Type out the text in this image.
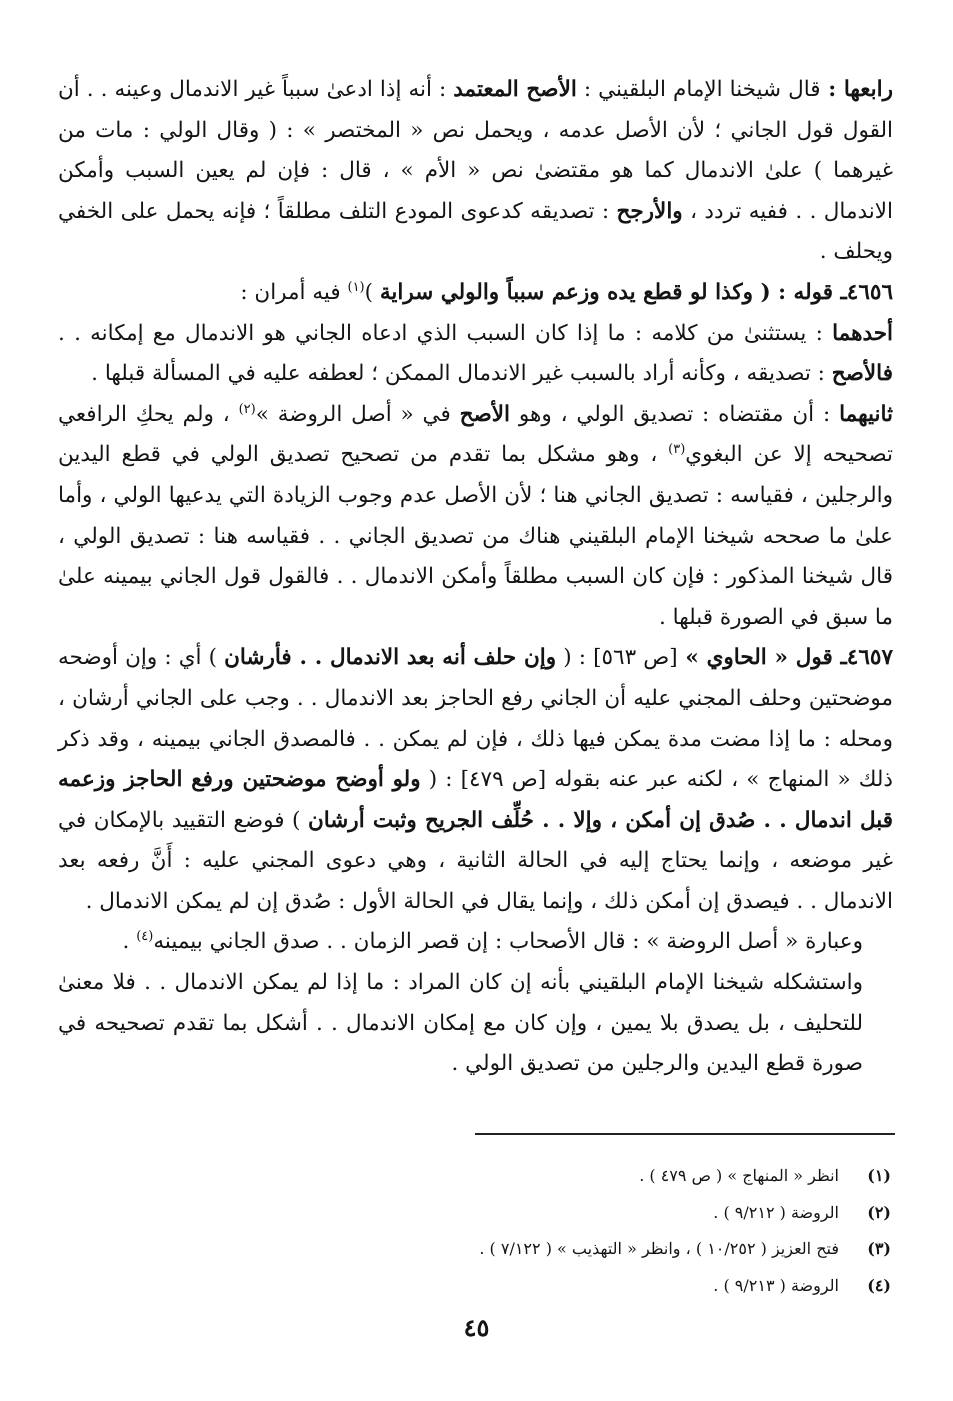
رابعها : قال شيخنا الإمام البلقيني : الأصح المعتمد : أنه إذا ادعىٰ سبباً غير الاندمال وعينه . . أن القول قول الجاني ؛ لأن الأصل عدمه ، ويحمل نص « المختصر » : ( وقال الولي : مات من غيرهما ) علىٰ الاندمال كما هو مقتضىٰ نص « الأم » ، قال : فإن لم يعين السبب وأمكن الاندمال . . ففيه تردد ، والأرجح : تصديقه كدعوى المودع التلف مطلقاً ؛ فإنه يحمل على الخفي ويحلف .

٤٦٥٦ـ قوله : ( وكذا لو قطع يده وزعم سبباً والولي سراية )$^{(١)}$ فيه أمران :

أحدهما : يستثنىٰ من كلامه : ما إذا كان السبب الذي ادعاه الجاني هو الاندمال مع إمكانه . . فالأصح : تصديقه ، وكأنه أراد بالسبب غير الاندمال الممكن ؛ لعطفه عليه في المسألة قبلها .

ثانيهما : أن مقتضاه : تصديق الولي ، وهو الأصح في « أصل الروضة »$^{(٢)}$ ، ولم يحكِ الرافعي تصحيحه إلا عن البغوي$^{(٣)}$ ، وهو مشكل بما تقدم من تصحيح تصديق الولي في قطع اليدين والرجلين ، فقياسه : تصديق الجاني هنا ؛ لأن الأصل عدم وجوب الزيادة التي يدعيها الولي ، وأما علىٰ ما صححه شيخنا الإمام البلقيني هناك من تصديق الجاني . . فقياسه هنا : تصديق الولي ، قال شيخنا المذكور : فإن كان السبب مطلقاً وأمكن الاندمال . . فالقول قول الجاني بيمينه علىٰ ما سبق في الصورة قبلها .

٤٦٥٧ـ قول « الحاوي » [ص ٥٦٣] : ( وإن حلف أنه بعد الاندمال . . فأرشان ) أي : وإن أوضحه موضحتين وحلف المجني عليه أن الجاني رفع الحاجز بعد الاندمال . . وجب على الجاني أرشان ، ومحله : ما إذا مضت مدة يمكن فيها ذلك ، فإن لم يمكن . . فالمصدق الجاني بيمينه ، وقد ذكر ذلك « المنهاج » ، لكنه عبر عنه بقوله [ص ٤٧٩] : ( ولو أوضح موضحتين ورفع الحاجز وزعمه قبل اندمال . . صُدق إن أمكن ، وإلا . . حُلِّف الجريح وثبت أرشان ) فوضع التقييد بالإمكان في غير موضعه ، وإنما يحتاج إليه في الحالة الثانية ، وهي دعوى المجني عليه : أَنَّ رفعه بعد الاندمال . . فيصدق إن أمكن ذلك ، وإنما يقال في الحالة الأول : صُدق إن لم يمكن الاندمال .

وعبارة « أصل الروضة » : قال الأصحاب : إن قصر الزمان . . صدق الجاني بيمينه$^{(٤)}$ .

واستشكله شيخنا الإمام البلقيني بأنه إن كان المراد : ما إذا لم يمكن الاندمال . . فلا معنىٰ للتحليف ، بل يصدق بلا يمين ، وإن كان مع إمكان الاندمال . . أشكل بما تقدم تصحيحه في صورة قطع اليدين والرجلين من تصديق الولي .

(١)
انظر « المنهاج » ( ص ٤٧٩ ) .
(٢)
الروضة ( ٩/٢١٢ ) .
(٣)
فتح العزيز ( ١٠/٢٥٢ ) ، وانظر « التهذيب » ( ٧/١٢٢ ) .
(٤)
الروضة ( ٩/٢١٣ ) .
٤٥
